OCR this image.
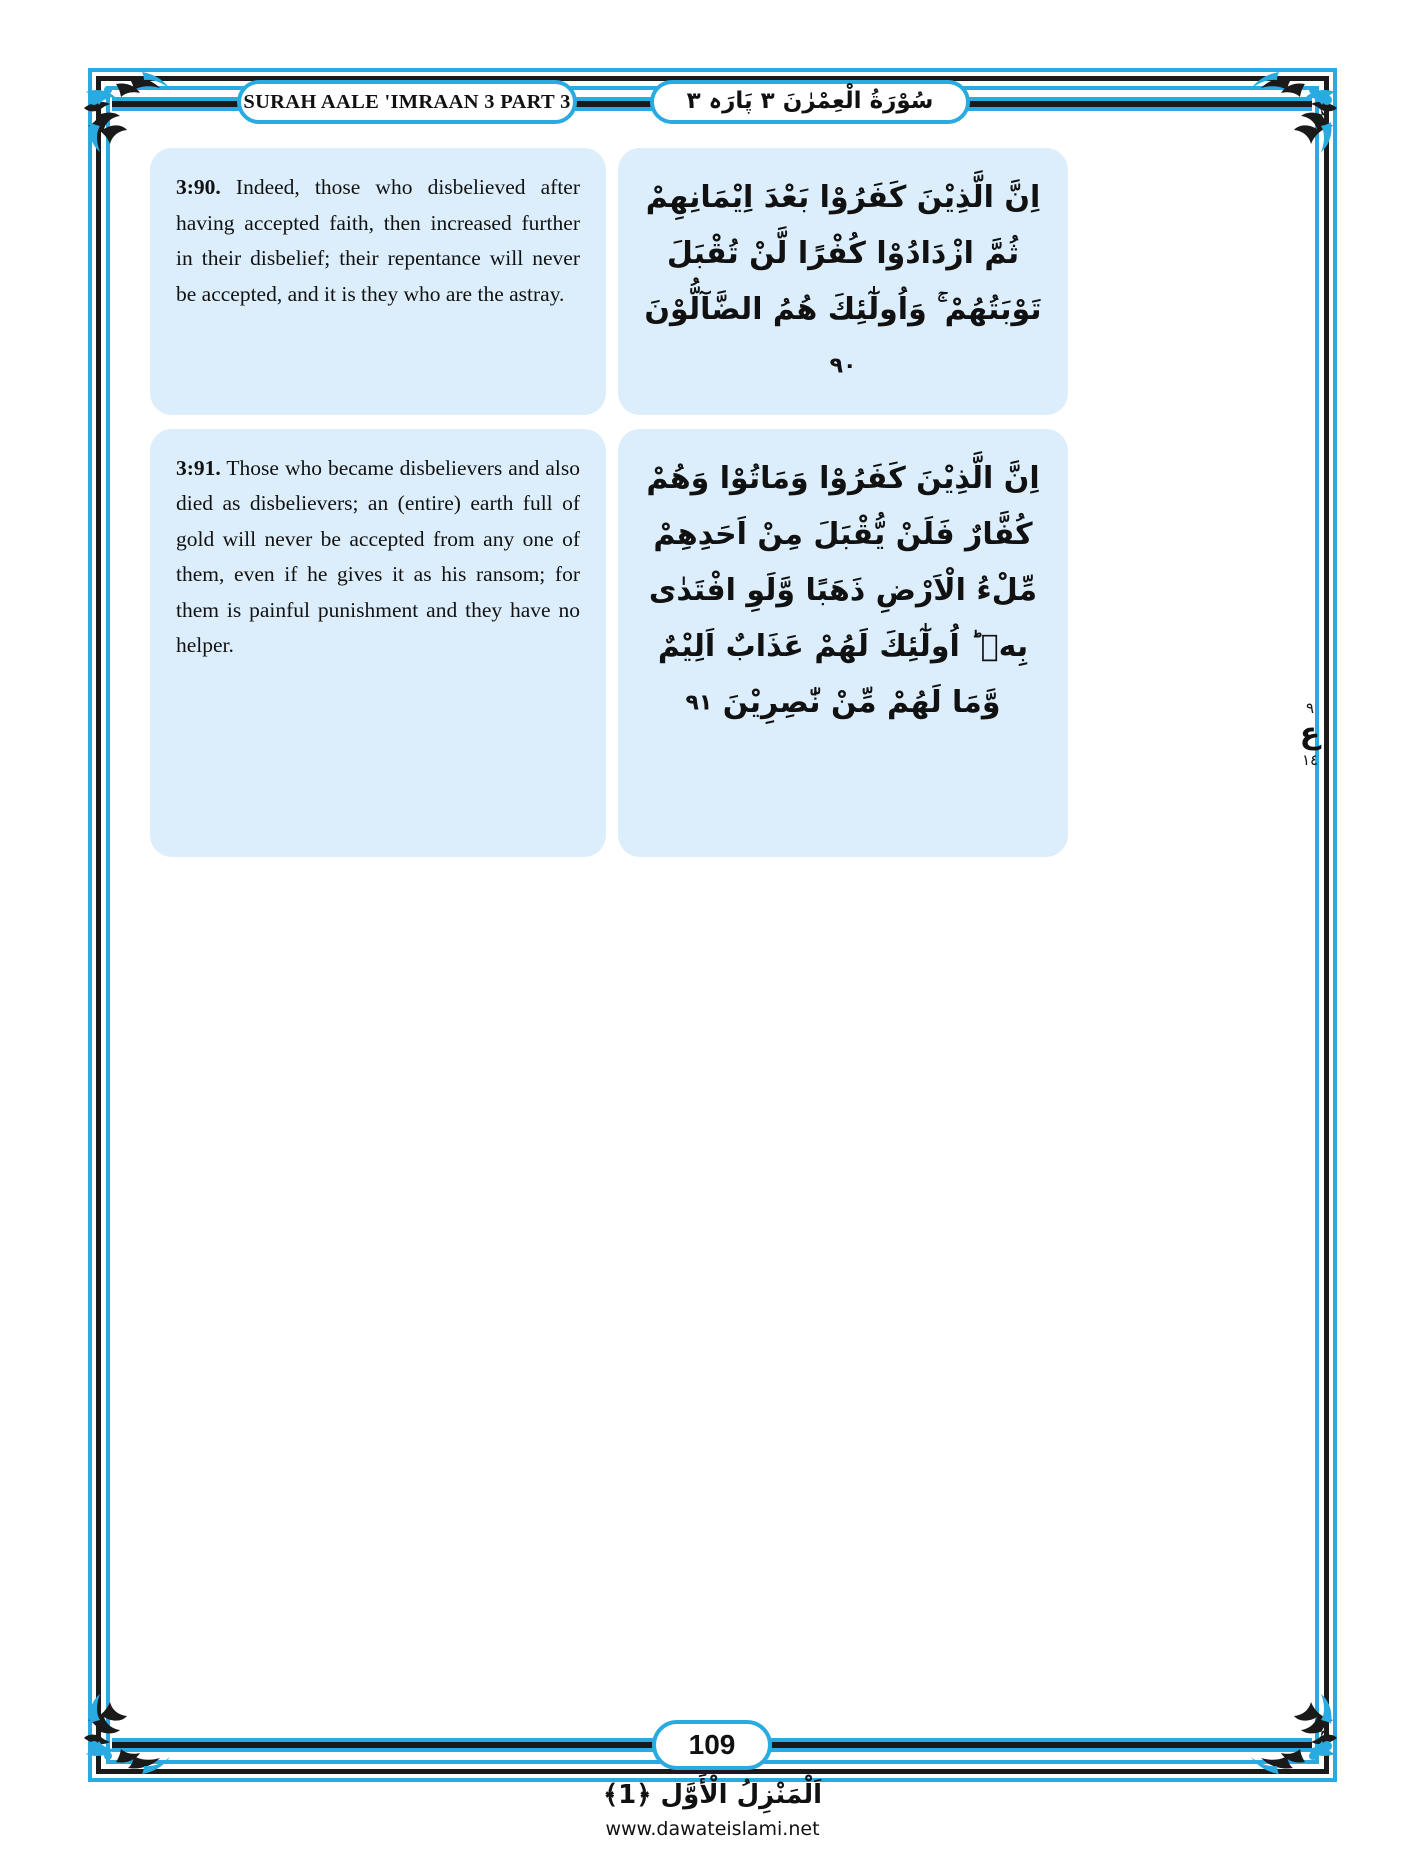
SURAH AALE 'IMRAAN 3 PART 3	سُوْرَةُ الْعِمْرٰنَ ٣ پَارَہ ٣

3:90. Indeed, those who disbelieved after having accepted faith, then increased further in their disbelief; their repentance will never be accepted, and it is they who are the astray.

اِنَّ الَّذِيْنَ كَفَرُوْا بَعْدَ اِيْمَانِهِمْ ثُمَّ ازْدَادُوْا كُفْرًا لَّنْ تُقْبَلَ تَوْبَتُهُمْ ۚ وَاُولٰٓئِكَ هُمُ الضَّآلُّوْنَ ۹۰

3:91. Those who became disbelievers and also died as disbelievers; an (entire) earth full of gold will never be accepted from any one of them, even if he gives it as his ransom; for them is painful punishment and they have no helper.

اِنَّ الَّذِيْنَ كَفَرُوْا وَمَاتُوْا وَهُمْ كُفَّارٌ فَلَنْ يُّقْبَلَ مِنْ اَحَدِهِمْ مِّلْءُ الْاَرْضِ ذَهَبًا وَّلَوِ افْتَدٰى بِهٖ ؕ اُولٰٓئِكَ لَهُمْ عَذَابٌ اَلِيْمٌ وَّمَا لَهُمْ مِّنْ نّٰصِرِيْنَ ۹۱	٩
ع
١٤
109
اَلْمَنْزِلُ الْأَوَّل ﴿1﴾
www.dawateislami.net
